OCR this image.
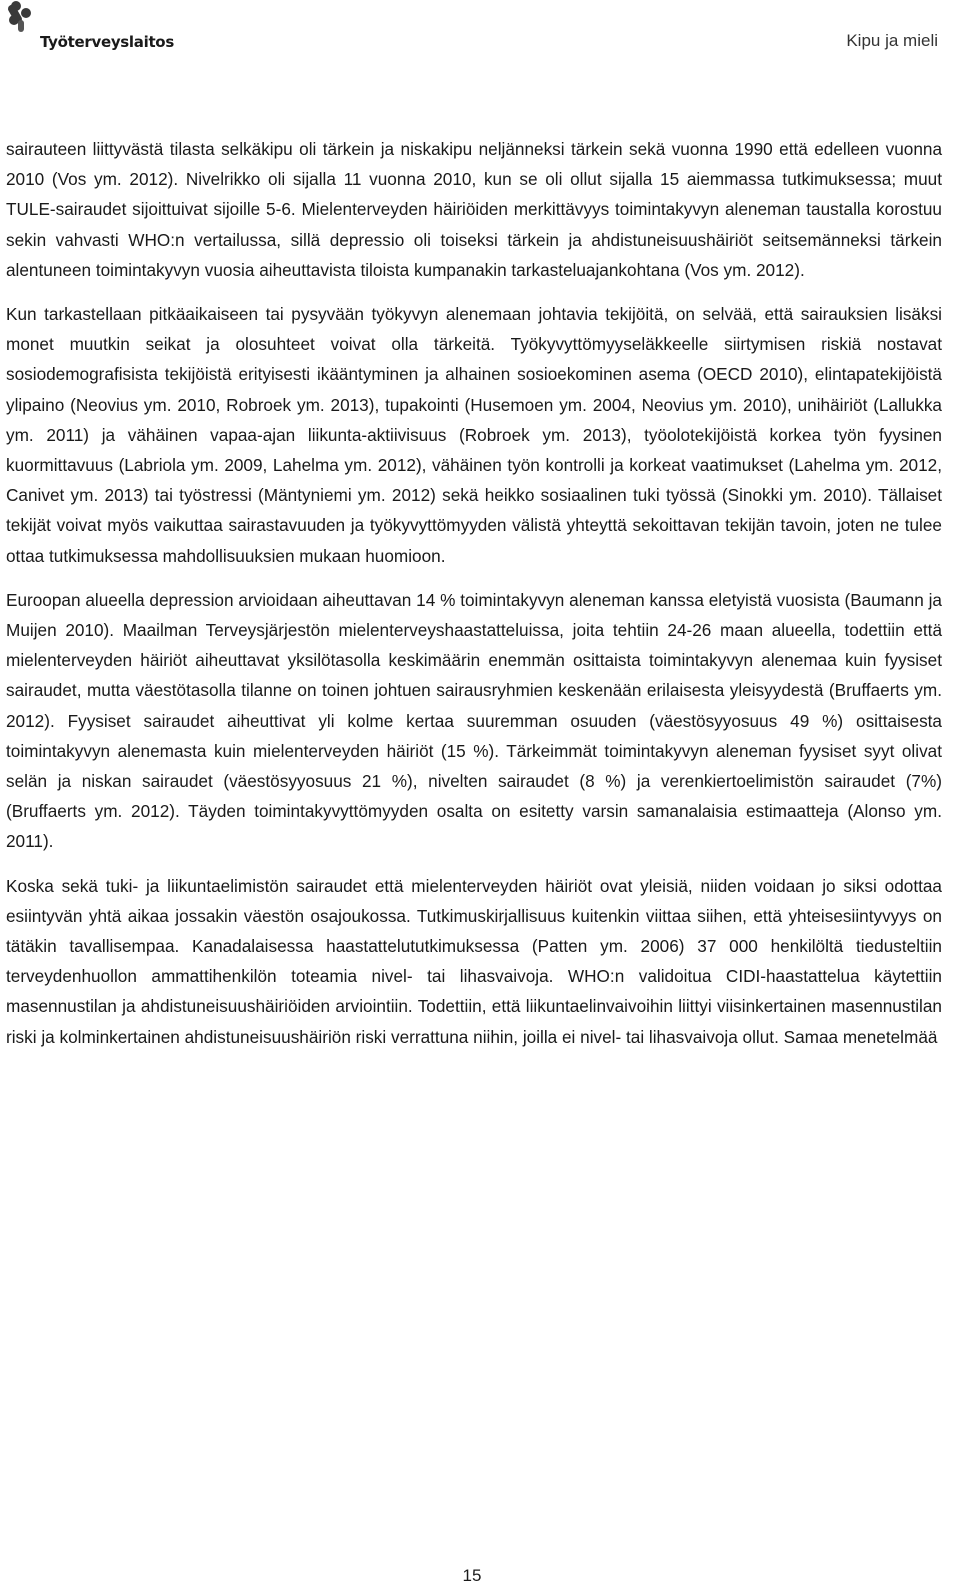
Työterveyslaitos	Kipu ja mieli

sairauteen liittyvästä tilasta selkäkipu oli tärkein ja niskakipu neljänneksi tärkein sekä vuonna 1990 että edelleen vuonna 2010 (Vos ym. 2012). Nivelrikko oli sijalla 11 vuonna 2010, kun se oli ollut sijalla 15 aiemmassa tutkimuksessa; muut TULE-sairaudet sijoittuivat sijoille 5-6. Mielenterveyden häiriöiden merkittävyys toimintakyvyn aleneman taustalla korostuu sekin vahvasti WHO:n vertailussa, sillä depressio oli toiseksi tärkein ja ahdistuneisuushäiriöt seitsemänneksi tärkein alentuneen toimintakyvyn vuosia aiheuttavista tiloista kumpanakin tarkasteluajankohtana (Vos ym. 2012).

Kun tarkastellaan pitkäaikaiseen tai pysyvään työkyvyn alenemaan johtavia tekijöitä, on selvää, että sairauksien lisäksi monet muutkin seikat ja olosuhteet voivat olla tärkeitä. Työkyvyttömyyseläkkeelle siirtymisen riskiä nostavat sosiodemografisista tekijöistä erityisesti ikääntyminen ja alhainen sosioekominen asema (OECD 2010), elintapatekijöistä ylipaino (Neovius ym. 2010, Robroek ym. 2013), tupakointi (Husemoen ym. 2004, Neovius ym. 2010), unihäiriöt (Lallukka ym. 2011) ja vähäinen vapaa-ajan liikunta-aktiivisuus (Robroek ym. 2013), työolotekijöistä korkea työn fyysinen kuormittavuus (Labriola ym. 2009, Lahelma ym. 2012), vähäinen työn kontrolli ja korkeat vaatimukset (Lahelma ym. 2012, Canivet ym. 2013) tai työstressi (Mäntyniemi ym. 2012) sekä heikko sosiaalinen tuki työssä (Sinokki ym. 2010). Tällaiset tekijät voivat myös vaikuttaa sairastavuuden ja työkyvyttömyyden välistä yhteyttä sekoittavan tekijän tavoin, joten ne tulee ottaa tutkimuksessa mahdollisuuksien mukaan huomioon.

Euroopan alueella depression arvioidaan aiheuttavan 14 % toimintakyvyn aleneman kanssa eletyistä vuosista (Baumann ja Muijen 2010). Maailman Terveysjärjestön mielenterveyshaastatteluissa, joita tehtiin 24-26 maan alueella, todettiin että mielenterveyden häiriöt aiheuttavat yksilötasolla keskimäärin enemmän osittaista toimintakyvyn alenemaa kuin fyysiset sairaudet, mutta väestötasolla tilanne on toinen johtuen sairausryhmien keskenään erilaisesta yleisyydestä (Bruffaerts ym. 2012). Fyysiset sairaudet aiheuttivat yli kolme kertaa suuremman osuuden (väestösyyosuus 49 %) osittaisesta toimintakyvyn alenemasta kuin mielenterveyden häiriöt (15 %). Tärkeimmät toimintakyvyn aleneman fyysiset syyt olivat selän ja niskan sairaudet (väestösyyosuus 21 %), nivelten sairaudet (8 %) ja verenkiertoelimistön sairaudet (7%) (Bruffaerts ym. 2012). Täyden toimintakyvyttömyyden osalta on esitetty varsin samanalaisia estimaatteja (Alonso ym. 2011).

Koska sekä tuki- ja liikuntaelimistön sairaudet että mielenterveyden häiriöt ovat yleisiä, niiden voidaan jo siksi odottaa esiintyvän yhtä aikaa jossakin väestön osajoukossa. Tutkimuskirjallisuus kuitenkin viittaa siihen, että yhteisesiintyvyys on tätäkin tavallisempaa. Kanadalaisessa haastattelututkimuksessa (Patten ym. 2006) 37 000 henkilöltä tiedusteltiin terveydenhuollon ammattihenkilön toteamia nivel- tai lihasvaivoja. WHO:n validoitua CIDI-haastattelua käytettiin masennustilan ja ahdistuneisuushäiriöiden arviointiin. Todettiin, että liikuntaelinvaivoihin liittyi viisinkertainen masennustilan riski ja kolminkertainen ahdistuneisuushäiriön riski verrattuna niihin, joilla ei nivel- tai lihasvaivoja ollut. Samaa menetelmää

15
